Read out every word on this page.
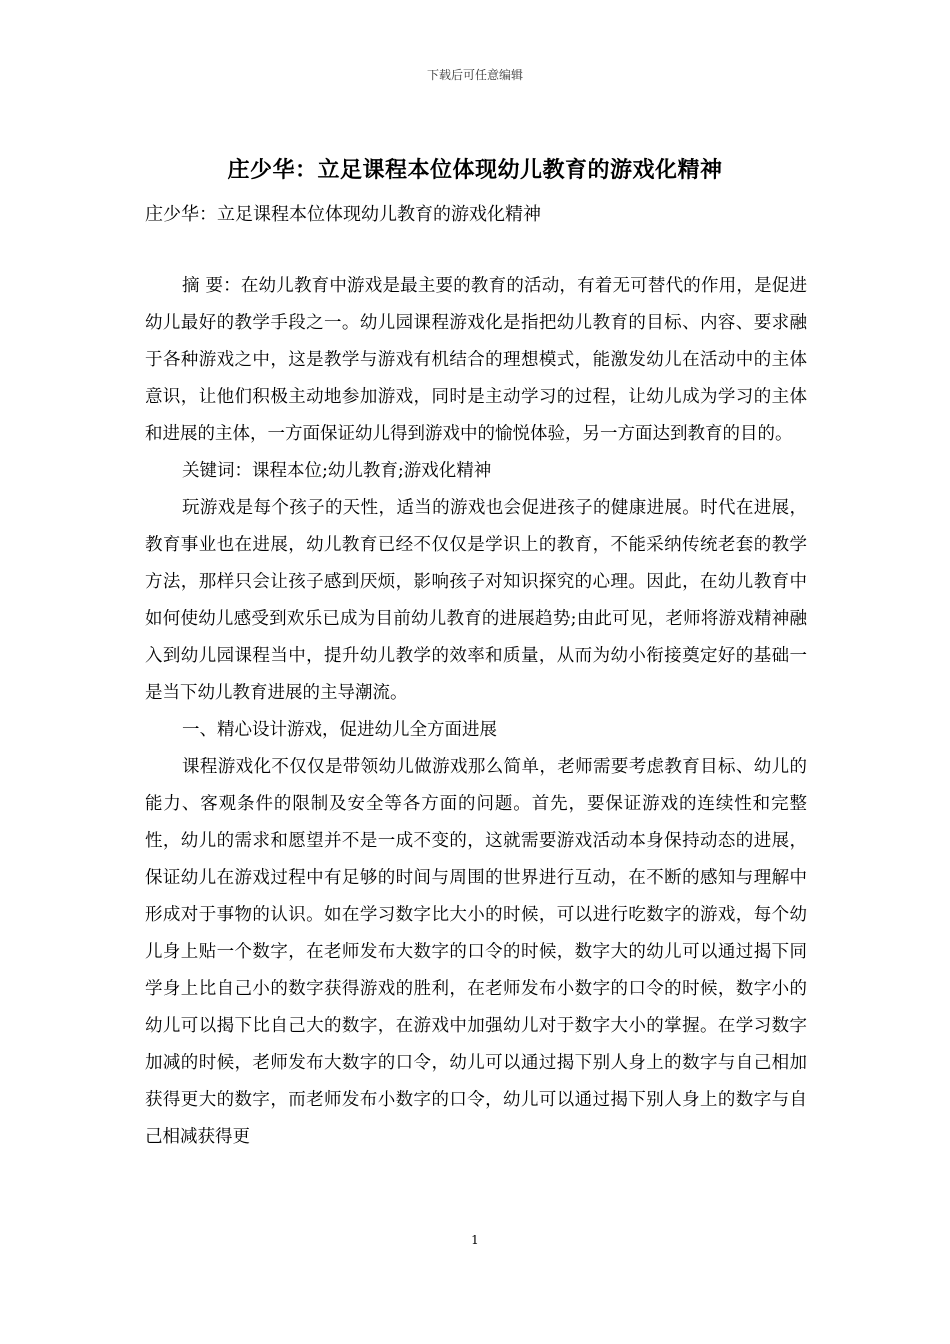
下载后可任意编辑
庄少华：立足课程本位体现幼儿教育的游戏化精神
庄少华：立足课程本位体现幼儿教育的游戏化精神

摘 要：在幼儿教育中游戏是最主要的教育的活动，有着无可替代的作用，是促进幼儿最好的教学手段之一。幼儿园课程游戏化是指把幼儿教育的目标、内容、要求融于各种游戏之中，这是教学与游戏有机结合的理想模式，能激发幼儿在活动中的主体意识，让他们积极主动地参加游戏，同时是主动学习的过程，让幼儿成为学习的主体和进展的主体，一方面保证幼儿得到游戏中的愉悦体验，另一方面达到教育的目的。

关键词：课程本位;幼儿教育;游戏化精神

玩游戏是每个孩子的天性，适当的游戏也会促进孩子的健康进展。时代在进展，教育事业也在进展，幼儿教育已经不仅仅是学识上的教育，不能采纳传统老套的教学方法，那样只会让孩子感到厌烦，影响孩子对知识探究的心理。因此，在幼儿教育中如何使幼儿感受到欢乐已成为目前幼儿教育的进展趋势;由此可见，老师将游戏精神融入到幼儿园课程当中，提升幼儿教学的效率和质量，从而为幼小衔接奠定好的基础一是当下幼儿教育进展的主导潮流。

一、精心设计游戏，促进幼儿全方面进展

课程游戏化不仅仅是带领幼儿做游戏那么简单，老师需要考虑教育目标、幼儿的能力、客观条件的限制及安全等各方面的问题。首先，要保证游戏的连续性和完整性，幼儿的需求和愿望并不是一成不变的，这就需要游戏活动本身保持动态的进展，保证幼儿在游戏过程中有足够的时间与周围的世界进行互动，在不断的感知与理解中形成对于事物的认识。如在学习数字比大小的时候，可以进行吃数字的游戏，每个幼儿身上贴一个数字，在老师发布大数字的口令的时候，数字大的幼儿可以通过揭下同学身上比自己小的数字获得游戏的胜利，在老师发布小数字的口令的时候，数字小的幼儿可以揭下比自己大的数字，在游戏中加强幼儿对于数字大小的掌握。在学习数字加减的时候，老师发布大数字的口令，幼儿可以通过揭下别人身上的数字与自己相加获得更大的数字，而老师发布小数字的口令，幼儿可以通过揭下别人身上的数字与自己相减获得更

1
